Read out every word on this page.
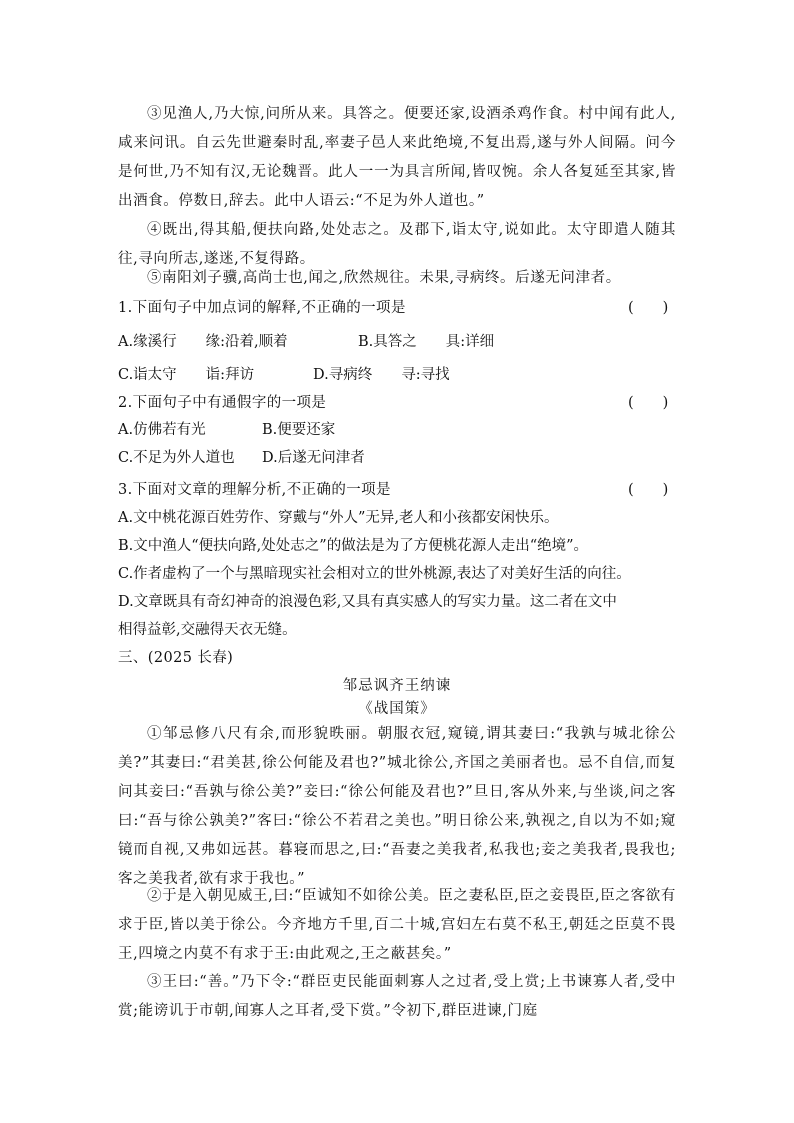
③见渔人,乃大惊,问所从来。具答之。便要还家,设酒杀鸡作食。村中闻有此人,咸来问讯。自云先世避秦时乱,率妻子邑人来此绝境,不复出焉,遂与外人间隔。问今是何世,乃不知有汉,无论魏晋。此人一一为具言所闻,皆叹惋。余人各复延至其家,皆出酒食。停数日,辞去。此中人语云:“不足为外人道也。”

④既出,得其船,便扶向路,处处志之。及郡下,诣太守,说如此。太守即遣人随其往,寻向所志,遂迷,不复得路。

⑤南阳刘子骥,高尚士也,闻之,欣然规往。未果,寻病终。后遂无问津者。

1.下面句子中加点词的解释,不正确的一项是	(　　)

A.缘溪行　　缘:沿着,顺着	B.具答之　　具:详细
C.诣太守　　诣:拜访	D.寻病终　　寻:寻找

2.下面句子中有通假字的一项是	(　　)

A.仿佛若有光	B.便要还家
C.不足为外人道也 D.后遂无问津者

3.下面对文章的理解分析,不正确的一项是	(　　)

A.文中桃花源百姓劳作、穿戴与“外人”无异,老人和小孩都安闲快乐。
B.文中渔人“便扶向路,处处志之”的做法是为了方便桃花源人走出“绝境”。
C.作者虚构了一个与黑暗现实社会相对立的世外桃源,表达了对美好生活的向往。
D.文章既具有奇幻神奇的浪漫色彩,又具有真实感人的写实力量。这二者在文中
相得益彰,交融得天衣无缝。

三、(2025 长春)

邹忌讽齐王纳谏

《战国策》

①邹忌修八尺有余,而形貌昳丽。朝服衣冠,窥镜,谓其妻曰:“我孰与城北徐公美?”其妻曰:“君美甚,徐公何能及君也?”城北徐公,齐国之美丽者也。忌不自信,而复问其妾曰:“吾孰与徐公美?”妾曰:“徐公何能及君也?”旦日,客从外来,与坐谈,问之客曰:“吾与徐公孰美?”客曰:“徐公不若君之美也。”明日徐公来,孰视之,自以为不如;窥镜而自视,又弗如远甚。暮寝而思之,曰:“吾妻之美我者,私我也;妾之美我者,畏我也;客之美我者,欲有求于我也。”

②于是入朝见威王,曰:“臣诚知不如徐公美。臣之妻私臣,臣之妾畏臣,臣之客欲有求于臣,皆以美于徐公。今齐地方千里,百二十城,宫妇左右莫不私王,朝廷之臣莫不畏王,四境之内莫不有求于王:由此观之,王之蔽甚矣。”

③王曰:“善。”乃下令:“群臣吏民能面刺寡人之过者,受上赏;上书谏寡人者,受中赏;能谤讥于市朝,闻寡人之耳者,受下赏。”令初下,群臣进谏,门庭
